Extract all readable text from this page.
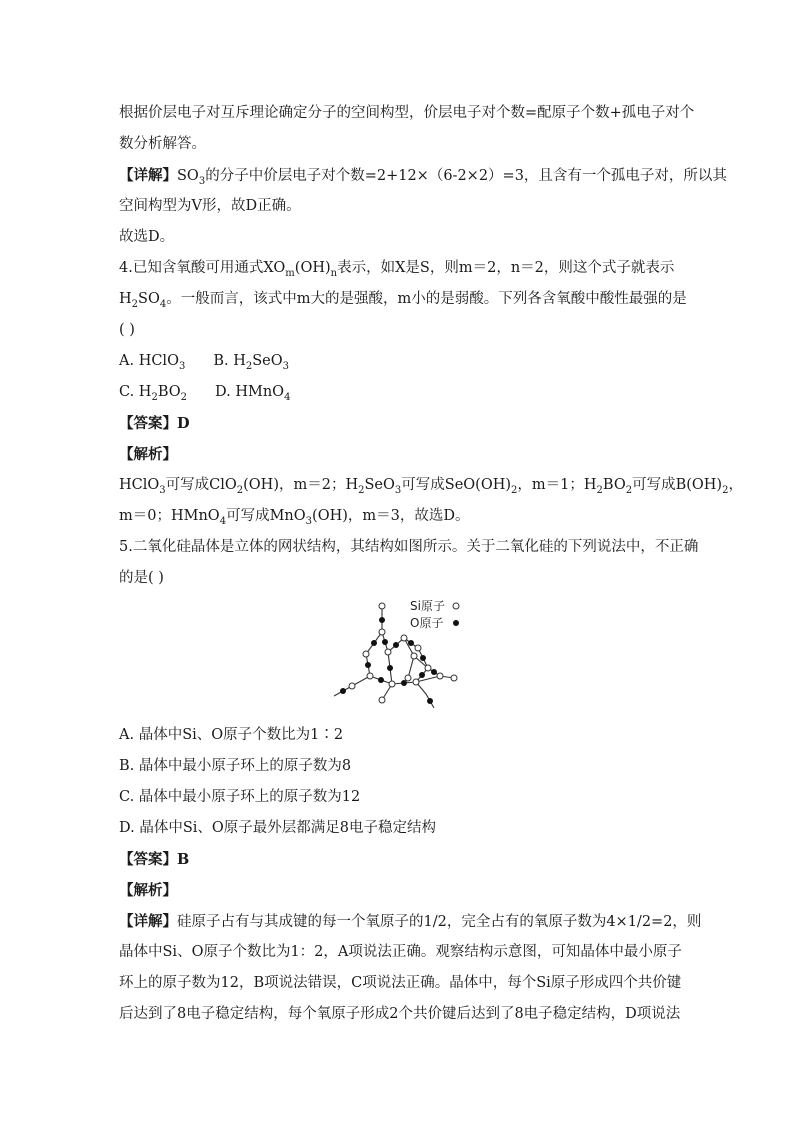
根据价层电子对互斥理论确定分子的空间构型，价层电子对个数=配原子个数+孤电子对个
数分析解答。
【详解】$SO_3$的分子中价层电子对个数=2+12×（6-2×2）=3，且含有一个孤电子对，所以其
空间构型为V形，故D正确。
故选D。
4.已知含氧酸可用通式$XO_m(OH)_n$表示，如X是S，则m＝2，n＝2，则这个式子就表示
$H_2SO_4$。一般而言，该式中m大的是强酸，m小的是弱酸。下列各含氧酸中酸性最强的是
( )
A. HClO$_3$ B. $H_2SeO_3$
C. $H_2BO_2$ D. HMnO$_4$
【答案】D
【解析】
HClO$_3$可写成ClO$_2$(OH)，m＝2；$H_2SeO_3$可写成$SeO(OH)_2$，m＝1；$H_2BO_2$可写成$B(OH)_2$，
m＝0；HMnO$_4$可写成MnO$_3$(OH)，m＝3，故选D。
5.二氧化硅晶体是立体的网状结构，其结构如图所示。关于二氧化硅的下列说法中，不正确
的是( )
A. 晶体中Si、O原子个数比为1∶2
B. 晶体中最小原子环上的原子数为8
C. 晶体中最小原子环上的原子数为12
D. 晶体中Si、O原子最外层都满足8电子稳定结构
【答案】B
【解析】
【详解】硅原子占有与其成键的每一个氧原子的1/2，完全占有的氧原子数为4×1/2=2，则
晶体中Si、O原子个数比为1：2，A项说法正确。观察结构示意图，可知晶体中最小原子
环上的原子数为12，B项说法错误，C项说法正确。晶体中，每个Si原子形成四个共价键
后达到了8电子稳定结构，每个氧原子形成2个共价键后达到了8电子稳定结构，D项说法
Si原子
O原子
